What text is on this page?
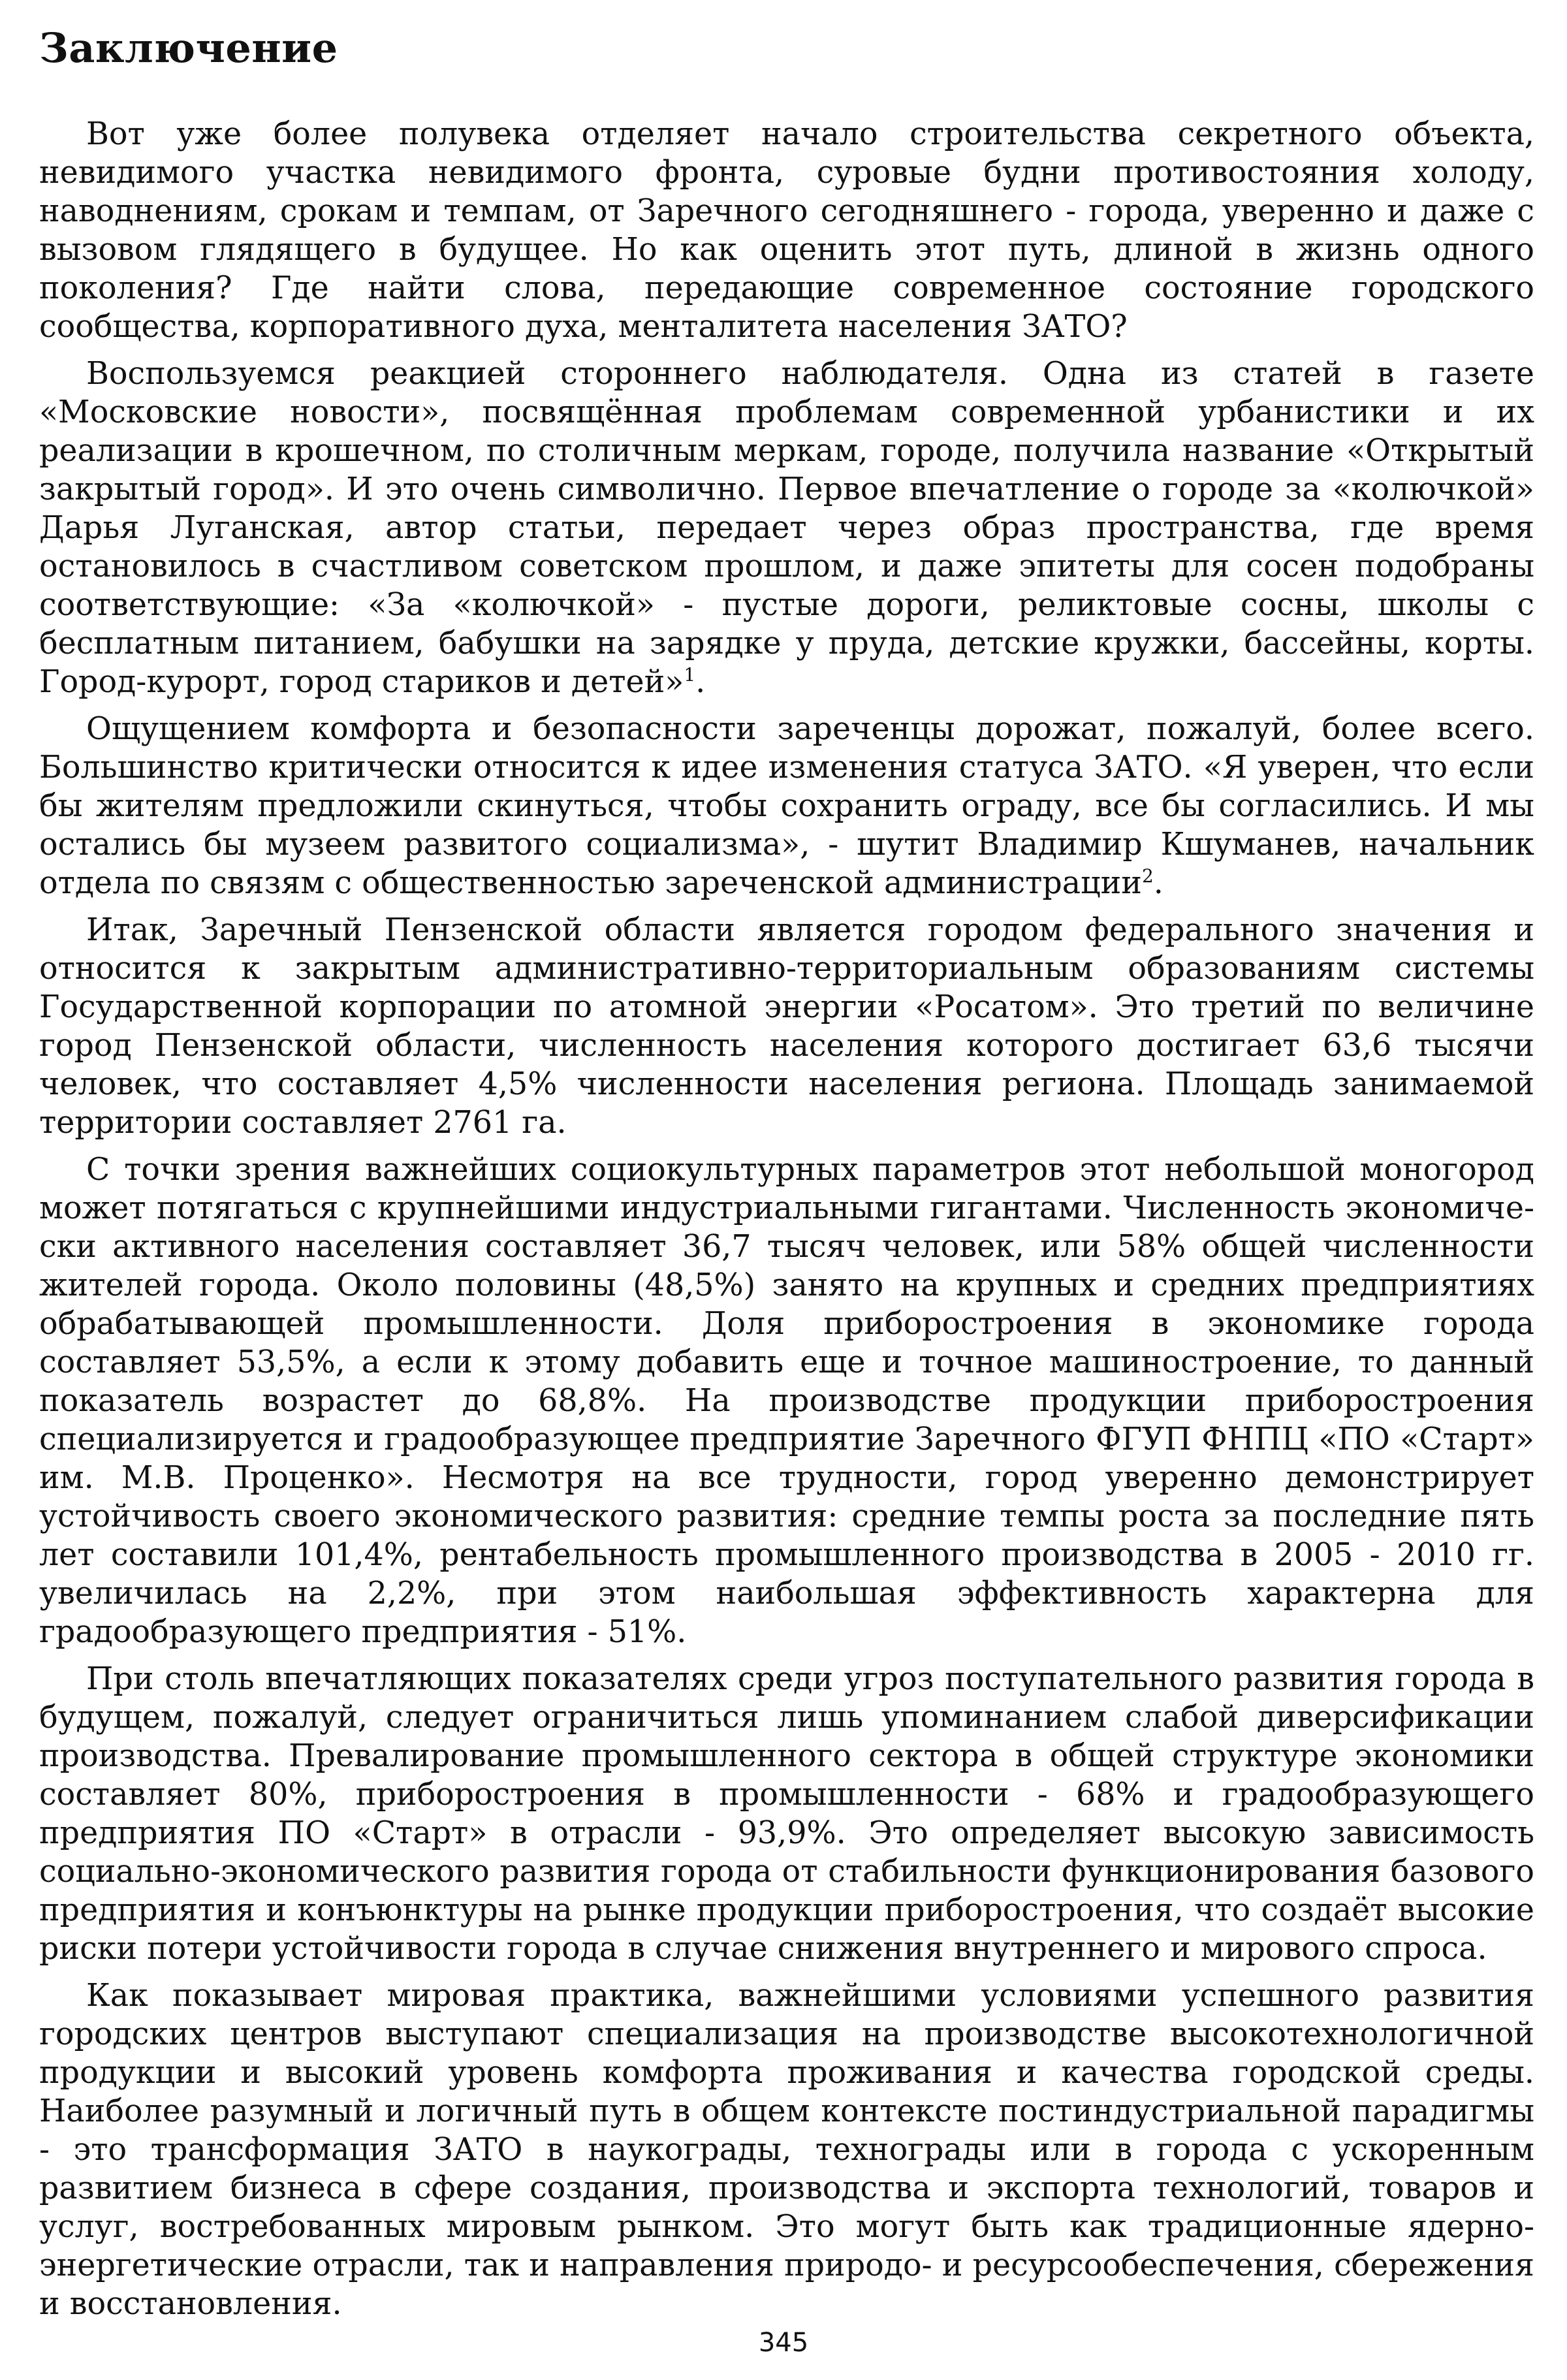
Заключение

Вот уже более полувека отделяет начало строительства секретного объекта, невидимого участка невидимого фронта, суровые будни противостояния холоду, наводнениям, срокам и темпам, от Заречного сегодняшнего - города, уверенно и даже с вызовом глядящего в будущее. Но как оценить этот путь, длиной в жизнь одного поколения? Где найти слова, передающие современное состояние городского сообщества, корпоративного духа, менталитета населения ЗАТО?

Воспользуемся реакцией стороннего наблюдателя. Одна из статей в газете «Московские новости», посвящённая проблемам современной урбанистики и их реализации в крошечном, по столичным меркам, городе, получила название «Открытый закрытый город». И это очень символично. Первое впечатление о городе за «колючкой» Дарья Луганская, автор статьи, передает через образ пространства, где время остановилось в счастливом советском прошлом, и даже эпитеты для сосен подобраны соответствующие: «За «колючкой» - пустые дороги, реликтовые сосны, школы с бесплатным питанием, бабушки на зарядке у пруда, детские кружки, бассейны, корты. Город-курорт, город стариков и детей»$^1$.

Ощущением комфорта и безопасности зареченцы дорожат, пожалуй, более всего. Большинство критически относится к идее изменения статуса ЗАТО. «Я уверен, что если бы жителям предложили скинуться, чтобы сохранить ограду, все бы согласились. И мы остались бы музеем развитого социализма», - шутит Владимир Кшуманев, начальник отдела по связям с общественностью зареченской администрации$^2$.

Итак, Заречный Пензенской области является городом федерального значения и относится к закрытым административно-территориальным образованиям системы Государственной корпорации по атомной энергии «Росатом». Это третий по величине город Пензенской области, численность населения которого достигает 63,6 тысячи человек, что составляет 4,5% численности населения региона. Площадь занимаемой территории составляет 2761 га.

С точки зрения важнейших социокультурных параметров этот небольшой моногород может потягаться с крупнейшими индустриальными гигантами. Численность экономически активного населения составляет 36,7 тысяч человек, или 58% общей численности жителей города. Около половины (48,5%) занято на крупных и средних предприятиях обрабатывающей промышленности. Доля приборостроения в экономике города составляет 53,5%, а если к этому добавить еще и точное машиностроение, то данный показатель возрастет до 68,8%. На производстве продукции приборостроения специализируется и градообразующее предприятие Заречного ФГУП ФНПЦ «ПО «Старт» им. М.В. Проценко». Несмотря на все трудности, город уверенно демонстрирует устойчивость своего экономического развития: средние темпы роста за последние пять лет составили 101,4%, рентабельность промышленного производства в 2005 - 2010 гг. увеличилась на 2,2%, при этом наибольшая эффективность характерна для градообразующего предприятия - 51%.

При столь впечатляющих показателях среди угроз поступательного развития города в будущем, пожалуй, следует ограничиться лишь упоминанием слабой диверсификации производства. Превалирование промышленного сектора в общей структуре экономики составляет 80%, приборостроения в промышленности - 68% и градообразующего предприятия ПО «Старт» в отрасли - 93,9%. Это определяет высокую зависимость социально-экономического развития города от стабильности функционирования базового предприятия и конъюнктуры на рынке продукции приборостроения, что создаёт высокие риски потери устойчивости города в случае снижения внутреннего и мирового спроса.

Как показывает мировая практика, важнейшими условиями успешного развития городских центров выступают специализация на производстве высокотехнологичной продукции и высокий уровень комфорта проживания и качества городской среды. Наиболее разумный и логичный путь в общем контексте постиндустриальной парадигмы - это трансформация ЗАТО в наукограды, технограды или в города с ускоренным развитием бизнеса в сфере создания, производства и экспорта технологий, товаров и услуг, востребованных мировым рынком. Это могут быть как традиционные ядерно-энергетические отрасли, так и направления природо- и ресурсообеспечения, сбережения и восстановления.

345
